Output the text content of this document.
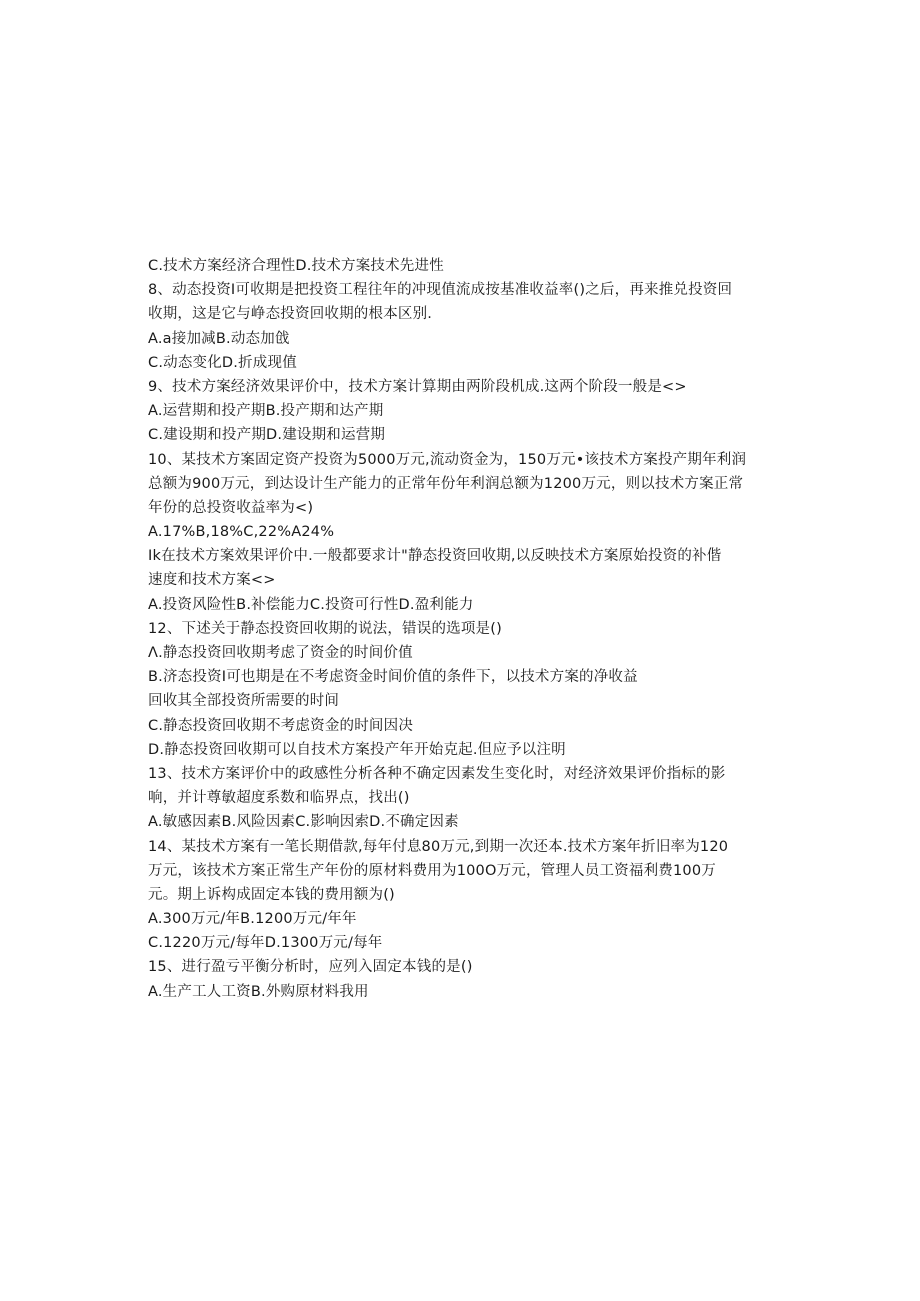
C.技术方案经济合理性D.技术方案技术先进性
8、动态投资I可收期是把投资工程往年的冲现值流成按基准收益率()之后，再来推兑投资回
收期，这是它与峥态投资回收期的根本区别.
A.a接加减B.动态加戗
C.动态变化D.折成现值
9、技术方案经济效果评价中，技术方案计算期由两阶段机成.这两个阶段一般是<>
A.运营期和投产期B.投产期和达产期
C.建设期和投产期D.建设期和运营期
10、某技术方案固定资产投资为5000万元,流动资金为，150万元•该技术方案投产期年利润
总额为900万元，到达设计生产能力的正常年份年利润总额为1200万元，则以技术方案正常
年份的总投资收益率为<)
A.17%B,18%C,22%A24%
Ik在技术方案效果评价中.一般都要求计"静态投资回收期,以反映技术方案原始投资的补偕
速度和技术方案<>
A.投资风险性B.补偿能力C.投资可行性D.盈利能力
12、下述关于静态投资回收期的说法，错误的选项是()
Λ.静态投资回收期考虑了资金的时间价值
B.济态投资I可也期是在不考虑资金时间价值的条件下，以技术方案的净收益
回收其全部投资所需要的时间
C.静态投资回收期不考虑资金的时间因决
D.静态投资回收期可以自技术方案投产年开始克起.但应予以注明
13、技术方案评价中的政感性分析各种不确定因素发生变化时，对经济效果评价指标的影
响，并计尊敏超度系数和临界点，找出()
A.敏感因素B.风险因素C.影响因索D.不确定因素
14、某技术方案有一笔长期借款,每年付息80万元,到期一次还本.技术方案年折旧率为120
万元，该技术方案正常生产年份的原材料费用为100O万元，管理人员工资福利费100万
元。期上诉构成固定本钱的费用额为()
A.300万元/年B.1200万元/年年
C.1220万元/每年D.1300万元/每年
15、进行盈亏平衡分析时，应列入固定本钱的是()
A.生产工人工资B.外购原材料我用
